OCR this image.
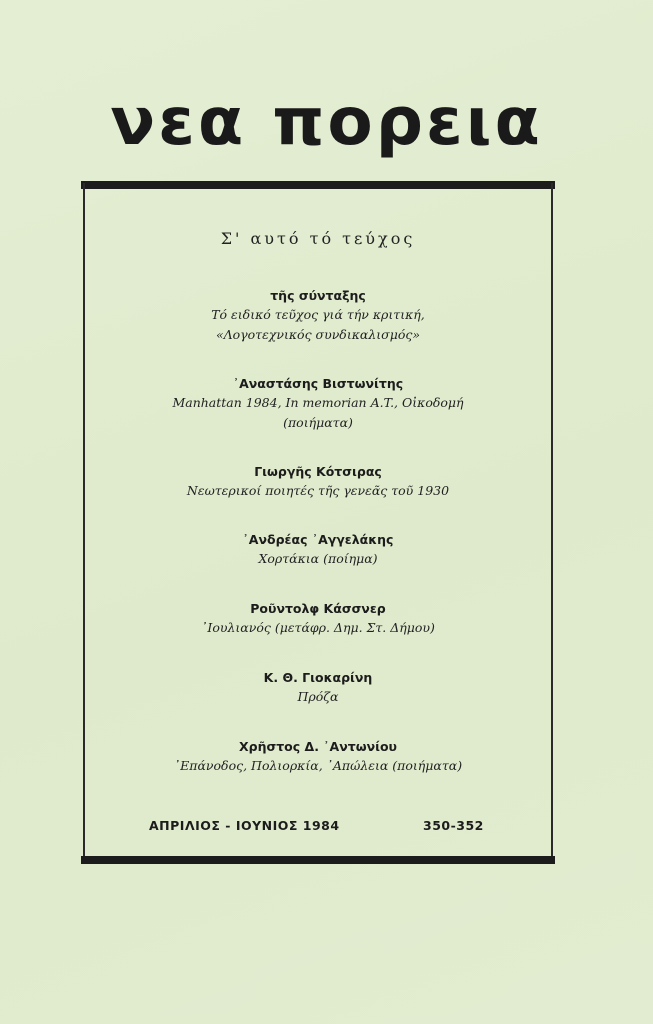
νεα πορεια
Σ' αυτό τό τεύχος
τῆς σύνταξης
Τό ειδικό τεῦχος γιά τήν κριτική,
«Λογοτεχνικός συνδικαλισμός»
᾿Αναστάσης Βιστωνίτης
Manhattan 1984, In memorian A.T., Οἰκοδομή
(ποιήματα)
Γιωργῆς Κότσιρας
Νεωτερικοί ποιητές τῆς γενεᾶς τοῦ 1930
᾿Ανδρέας ᾿Αγγελάκης
Χορτάκια (ποίημα)
Ροῦντολφ Κάσσνερ
᾿Ιουλιανός (μετάφρ. Δημ. Στ. Δήμου)
Κ. Θ. Γιοκαρίνη
Πρόζα
Χρῆστος Δ. ᾿Αντωνίου
᾿Επάνοδος, Πολιορκία, ᾿Απώλεια (ποιήματα)
ΑΠΡΙΛΙΟΣ - ΙΟΥΝΙΟΣ 1984	350-352
